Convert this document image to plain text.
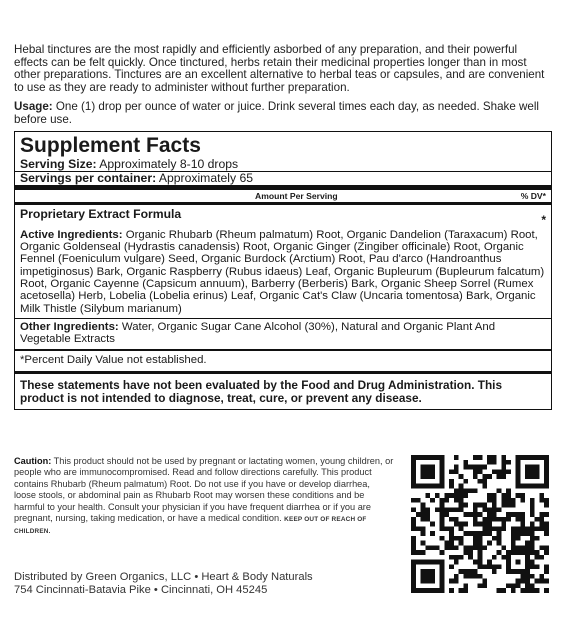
Hebal tinctures are the most rapidly and efficiently asborbed of any preparation, and their powerful effects can be felt quickly. Once tinctured, herbs retain their medicinal properties longer than in most other preparations. Tinctures are an excellent alternative to herbal teas or capsules, and are convenient to use as they are ready to administer without further preparation.

Usage: One (1) drop per ounce of water or juice. Drink several times each day, as needed. Shake well before use.

Supplement Facts
Serving Size: Approximately 8-10 drops
Servings per container: Approximately 65
Amount Per Serving	% DV*
Proprietary Extract Formula	*
Active Ingredients: Organic Rhubarb (Rheum palmatum) Root, Organic Dandelion (Taraxacum) Root, Organic Goldenseal (Hydrastis canadensis) Root, Organic Ginger (Zingiber officinale) Root, Organic Fennel (Foeniculum vulgare) Seed, Organic Burdock (Arctium) Root, Pau d'arco (Handroanthus impetiginosus) Bark, Organic Raspberry (Rubus idaeus) Leaf, Organic Bupleurum (Bupleurum falcatum) Root, Organic Cayenne (Capsicum annuum), Barberry (Berberis) Bark, Organic Sheep Sorrel (Rumex acetosella) Herb, Lobelia (Lobelia erinus) Leaf, Organic Cat's Claw (Uncaria tomentosa) Bark, Organic Milk Thistle (Silybum marianum)
Other Ingredients: Water, Organic Sugar Cane Alcohol (30%), Natural and Organic Plant And Vegetable Extracts
*Percent Daily Value not established.
These statements have not been evaluated by the Food and Drug Administration. This product is not intended to diagnose, treat, cure, or prevent any disease.

Caution: This product should not be used by pregnant or lactating women, young children, or people who are immunocompromised. Read and follow directions carefully. This product contains Rhubarb (Rheum palmatum) Root. Do not use if you have or develop diarrhea, loose stools, or abdominal pain as Rhubarb Root may worsen these conditions and be harmful to your health. Consult your physician if you have frequent diarrhea or if you are pregnant, nursing, taking medication, or have a medical condition. KEEP OUT OF REACH OF CHILDREN.

Distributed by Green Organics, LLC • Heart & Body Naturals
754 Cincinnati-Batavia Pike • Cincinnati, OH 45245
